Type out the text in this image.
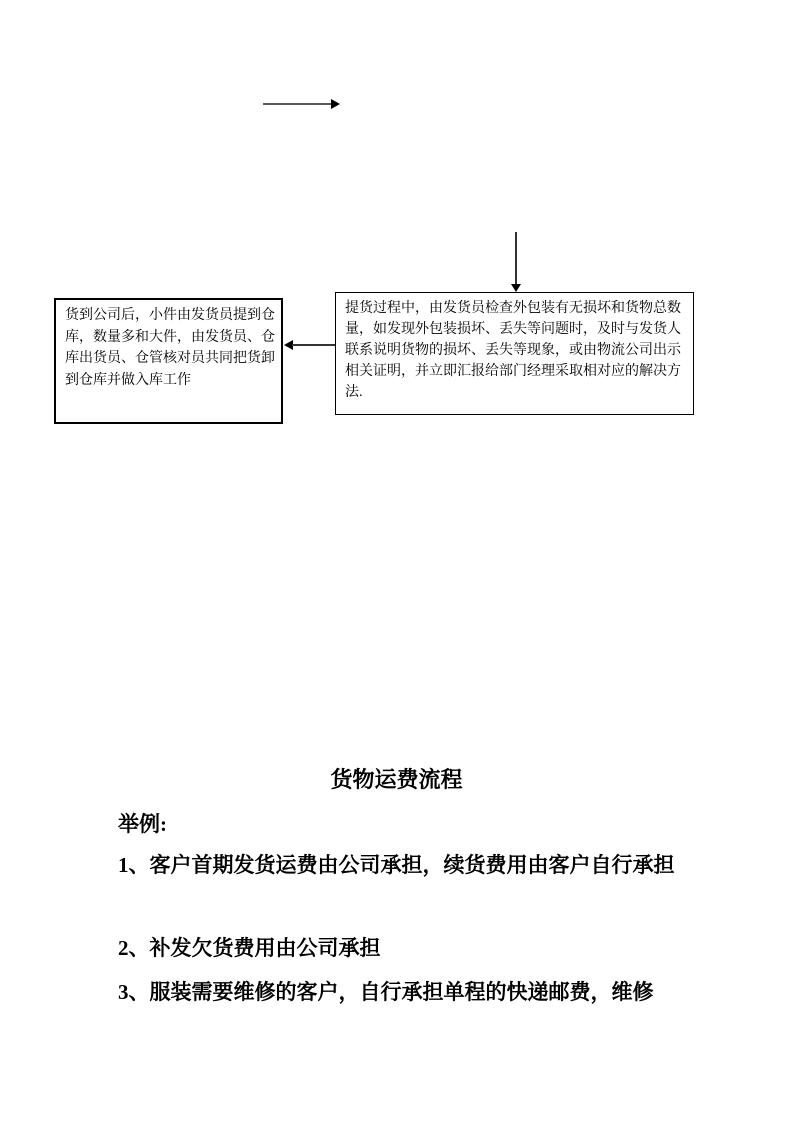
货到公司后，小件由发货员提到仓库，数量多和大件，由发货员、仓库出货员、仓管核对员共同把货卸到仓库并做入库工作

提货过程中，由发货员检查外包装有无损坏和货物总数量，如发现外包装损坏、丢失等问题时，及时与发货人联系说明货物的损坏、丢失等现象，或由物流公司出示相关证明，并立即汇报给部门经理采取相对应的解决方法.

货物运费流程

举例:

1、客户首期发货运费由公司承担，续货费用由客户自行承担

2、补发欠货费用由公司承担

3、服装需要维修的客户，自行承担单程的快递邮费，维修
